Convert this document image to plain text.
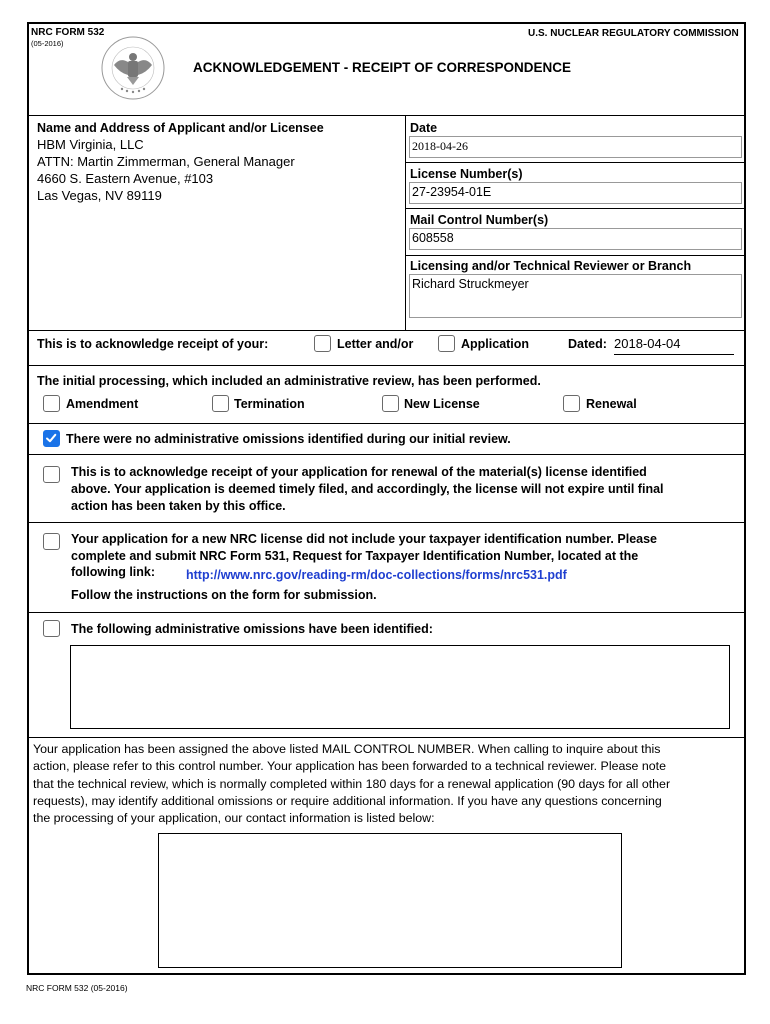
NRC FORM 532
(05-2016)
U.S. NUCLEAR REGULATORY COMMISSION
ACKNOWLEDGEMENT - RECEIPT OF CORRESPONDENCE
Name and Address of Applicant and/or Licensee
HBM Virginia, LLC
ATTN: Martin Zimmerman, General Manager
4660 S. Eastern Avenue, #103
Las Vegas, NV 89119
Date
2018-04-26
License Number(s)
27-23954-01E
Mail Control Number(s)
608558
Licensing and/or Technical Reviewer or Branch
Richard Struckmeyer
This is to acknowledge receipt of your:	Letter and/or	Application	Dated: 2018-04-04
The initial processing, which included an administrative review, has been performed.
Amendment	Termination	New License	Renewal
There were no administrative omissions identified during our initial review.
This is to acknowledge receipt of your application for renewal of the material(s) license identified
above. Your application is deemed timely filed, and accordingly, the license will not expire until final
action has been taken by this office.
Your application for a new NRC license did not include your taxpayer identification number. Please
complete and submit NRC Form 531, Request for Taxpayer Identification Number, located at the
following link: http://www.nrc.gov/reading-rm/doc-collections/forms/nrc531.pdf
Follow the instructions on the form for submission.
The following administrative omissions have been identified:
Your application has been assigned the above listed MAIL CONTROL NUMBER. When calling to inquire about this
action, please refer to this control number. Your application has been forwarded to a technical reviewer. Please note
that the technical review, which is normally completed within 180 days for a renewal application (90 days for all other
requests), may identify additional omissions or require additional information. If you have any questions concerning
the processing of your application, our contact information is listed below:
NRC FORM 532 (05-2016)
